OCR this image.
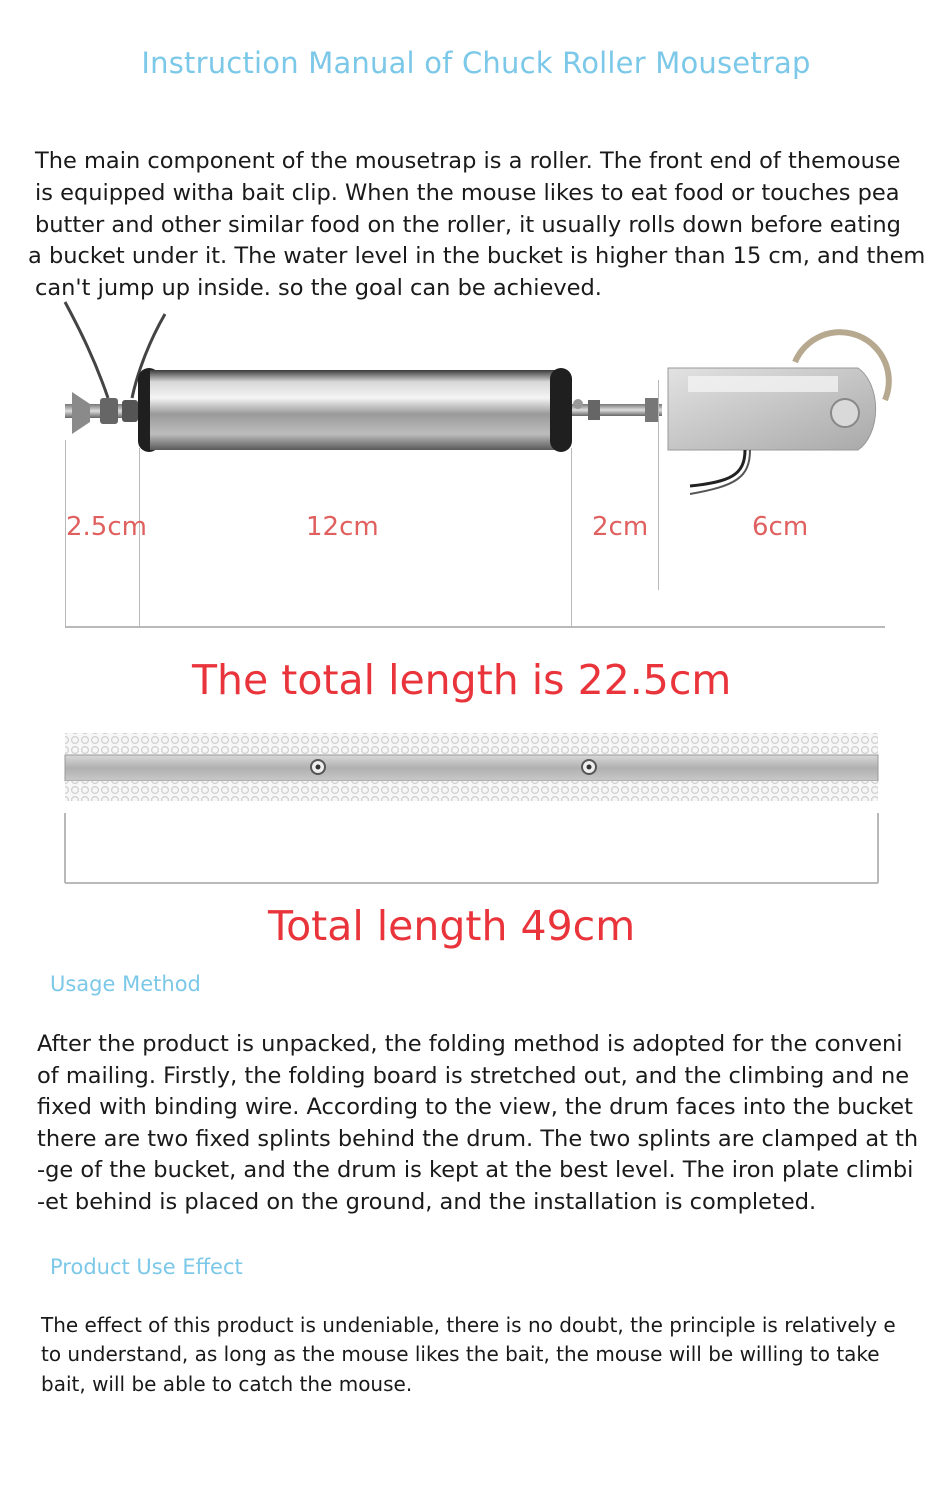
Instruction Manual of Chuck Roller Mousetrap
The main component of the mousetrap is a roller. The front end of themouse
is equipped witha bait clip. When the mouse likes to eat food or touches pea
butter and other similar food on the roller, it usually rolls down before eating
a bucket under it. The water level in the bucket is higher than 15 cm, and them
can't jump up inside. so the goal can be achieved.
2.5cm	12cm	2cm	6cm
The total length is 22.5cm
Total length 49cm
Usage Method
After the product is unpacked, the folding method is adopted for the conveni
of mailing. Firstly, the folding board is stretched out, and the climbing and ne
fixed with binding wire. According to the view, the drum faces into the bucket
there are two fixed splints behind the drum. The two splints are clamped at th
-ge of the bucket, and the drum is kept at the best level. The iron plate climbi
-et behind is placed on the ground, and the installation is completed.
Product Use Effect
The effect of this product is undeniable, there is no doubt, the principle is relatively e
to understand, as long as the mouse likes the bait, the mouse will be willing to take
bait, will be able to catch the mouse.
